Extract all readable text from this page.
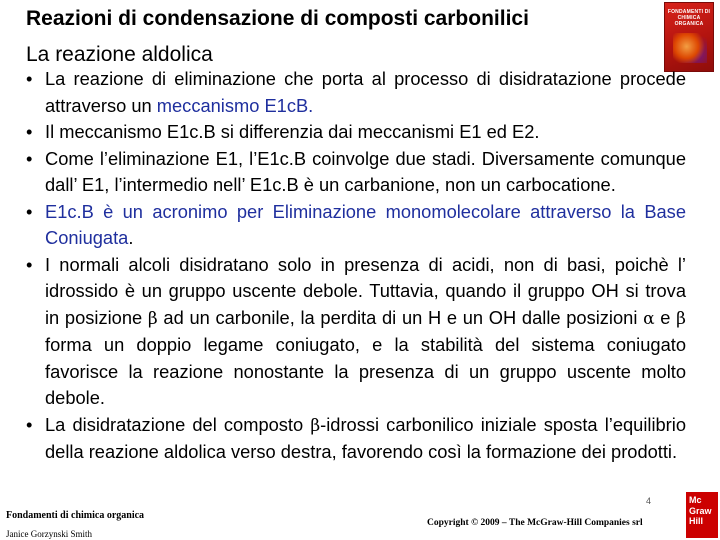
Reazioni di condensazione di composti carbonilici
La reazione aldolica
FONDAMENTI DI CHIMICA ORGANICA
• La reazione di eliminazione che porta al processo di disidratazione procede attraverso un meccanismo E1cB.
• Il meccanismo E1c.B si differenzia dai meccanismi E1 ed E2.
• Come l’eliminazione E1, l’E1c.B coinvolge due stadi. Diversamente comunque dall’ E1, l’intermedio nell’ E1c.B è un carbanione, non un carbocatione.
• E1c.B è un acronimo per Eliminazione monomolecolare attraverso la Base Coniugata.
• I normali alcoli disidratano solo in presenza di acidi, non di basi, poichè l’ idrossido è un gruppo uscente debole. Tuttavia, quando il gruppo OH si trova in posizione β ad un carbonile, la perdita di un H e un OH dalle posizioni α e β forma un doppio legame coniugato, e la stabilità del sistema coniugato favorisce la reazione nonostante la presenza di un gruppo uscente molto debole.
• La disidratazione del composto β-idrossi carbonilico iniziale sposta l’equilibrio della reazione aldolica verso destra, favorendo così la formazione dei prodotti.
Fondamenti di chimica organica
Janice Gorzynski Smith
Copyright © 2009 – The McGraw-Hill Companies srl
4	Mc
Graw
Hill
